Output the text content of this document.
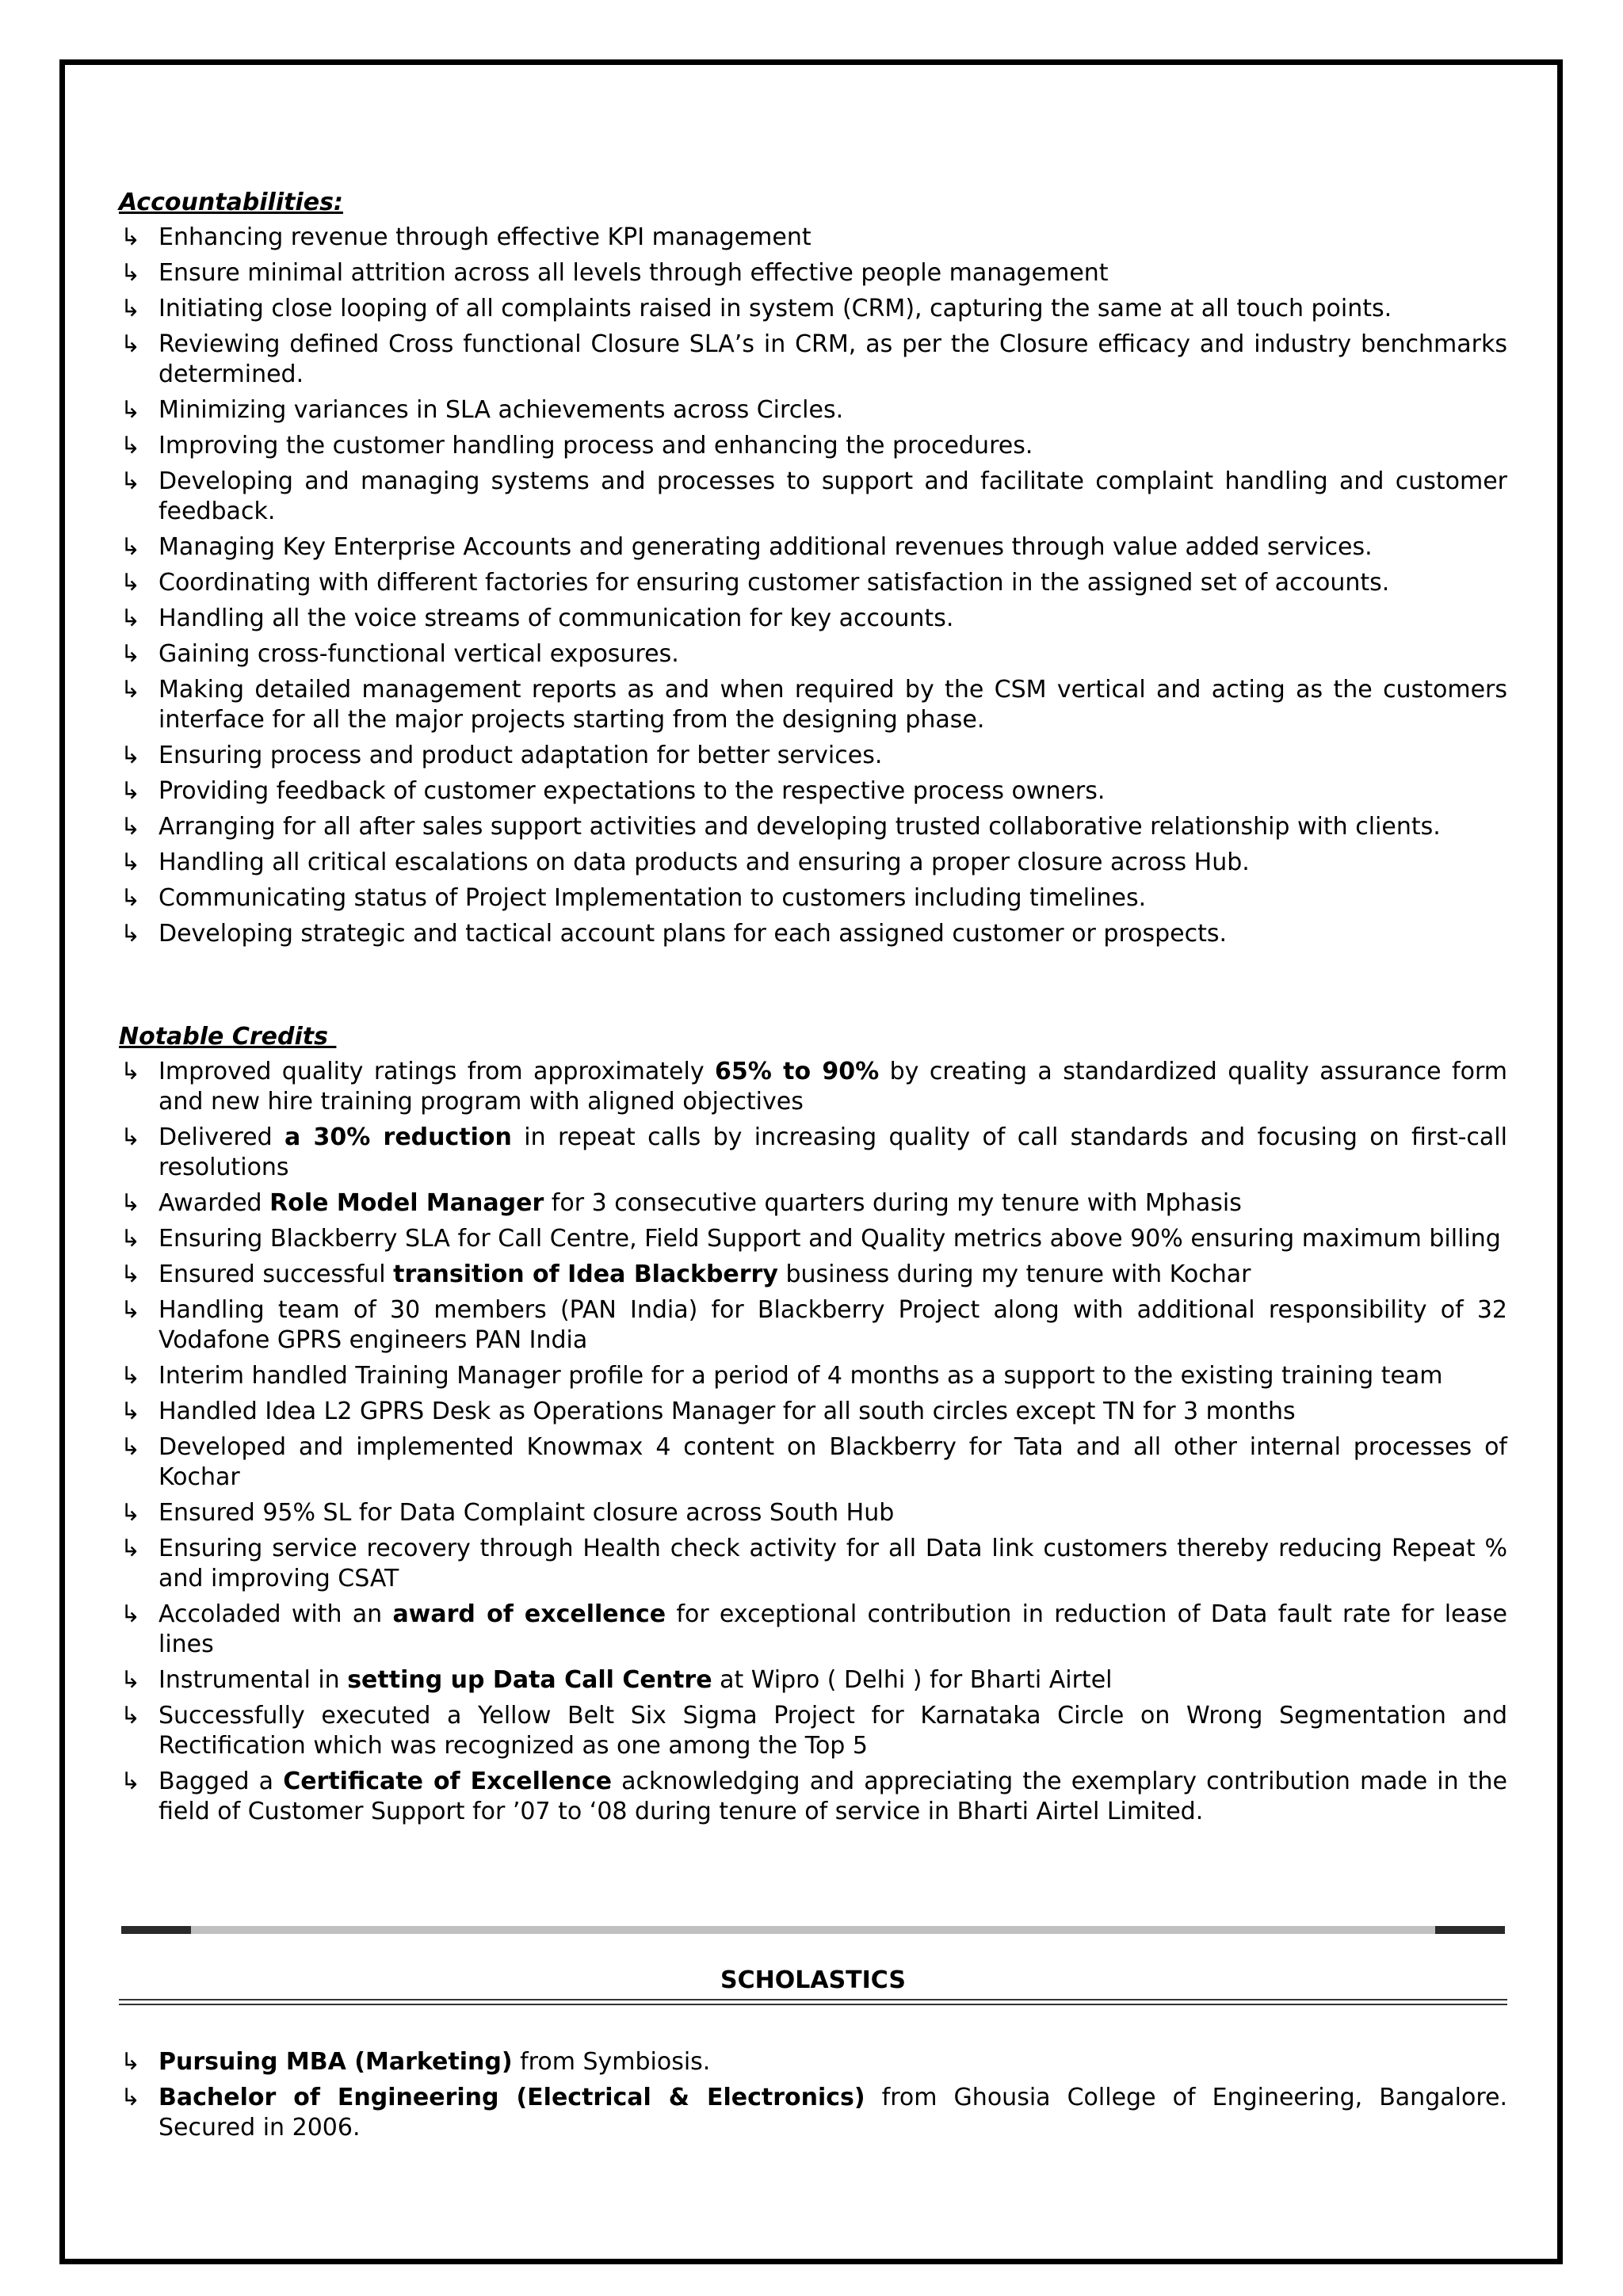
Accountabilities:
↳ Enhancing revenue through effective KPI management
↳ Ensure minimal attrition across all levels through effective people management
↳ Initiating close looping of all complaints raised in system (CRM), capturing the same at all touch points.
↳ Reviewing defined Cross functional Closure SLA’s in CRM, as per the Closure efficacy and industry benchmarks determined.
↳ Minimizing variances in SLA achievements across Circles.
↳ Improving the customer handling process and enhancing the procedures.
↳ Developing and managing systems and processes to support and facilitate complaint handling and customer feedback.
↳ Managing Key Enterprise Accounts and generating additional revenues through value added services.
↳ Coordinating with different factories for ensuring customer satisfaction in the assigned set of accounts.
↳ Handling all the voice streams of communication for key accounts.
↳ Gaining cross-functional vertical exposures.
↳ Making detailed management reports as and when required by the CSM vertical and acting as the customers interface for all the major projects starting from the designing phase.
↳ Ensuring process and product adaptation for better services.
↳ Providing feedback of customer expectations to the respective process owners.
↳ Arranging for all after sales support activities and developing trusted collaborative relationship with clients.
↳ Handling all critical escalations on data products and ensuring a proper closure across Hub.
↳ Communicating status of Project Implementation to customers including timelines.
↳ Developing strategic and tactical account plans for each assigned customer or prospects.
Notable Credits
↳ Improved quality ratings from approximately 65% to 90% by creating a standardized quality assurance form and new hire training program with aligned objectives
↳ Delivered a 30% reduction in repeat calls by increasing quality of call standards and focusing on first-call resolutions
↳ Awarded Role Model Manager for 3 consecutive quarters during my tenure with Mphasis
↳ Ensuring Blackberry SLA for Call Centre, Field Support and Quality metrics above 90% ensuring maximum billing
↳ Ensured successful transition of Idea Blackberry business during my tenure with Kochar
↳ Handling team of 30 members (PAN India) for Blackberry Project along with additional responsibility of 32 Vodafone GPRS engineers PAN India
↳ Interim handled Training Manager profile for a period of 4 months as a support to the existing training team
↳ Handled Idea L2 GPRS Desk as Operations Manager for all south circles except TN for 3 months
↳ Developed and implemented Knowmax 4 content on Blackberry for Tata and all other internal processes of Kochar
↳ Ensured 95% SL for Data Complaint closure across South Hub
↳ Ensuring service recovery through Health check activity for all Data link customers thereby reducing Repeat % and improving CSAT
↳ Accoladed with an award of excellence for exceptional contribution in reduction of Data fault rate for lease lines
↳ Instrumental in setting up Data Call Centre at Wipro ( Delhi ) for Bharti Airtel
↳ Successfully executed a Yellow Belt Six Sigma Project for Karnataka Circle on Wrong Segmentation and Rectification which was recognized as one among the Top 5
↳ Bagged a Certificate of Excellence acknowledging and appreciating the exemplary contribution made in the field of Customer Support for ’07 to ‘08 during tenure of service in Bharti Airtel Limited.
SCHOLASTICS
↳ Pursuing MBA (Marketing) from Symbiosis.
↳ Bachelor of Engineering (Electrical & Electronics) from Ghousia College of Engineering, Bangalore. Secured in 2006.
